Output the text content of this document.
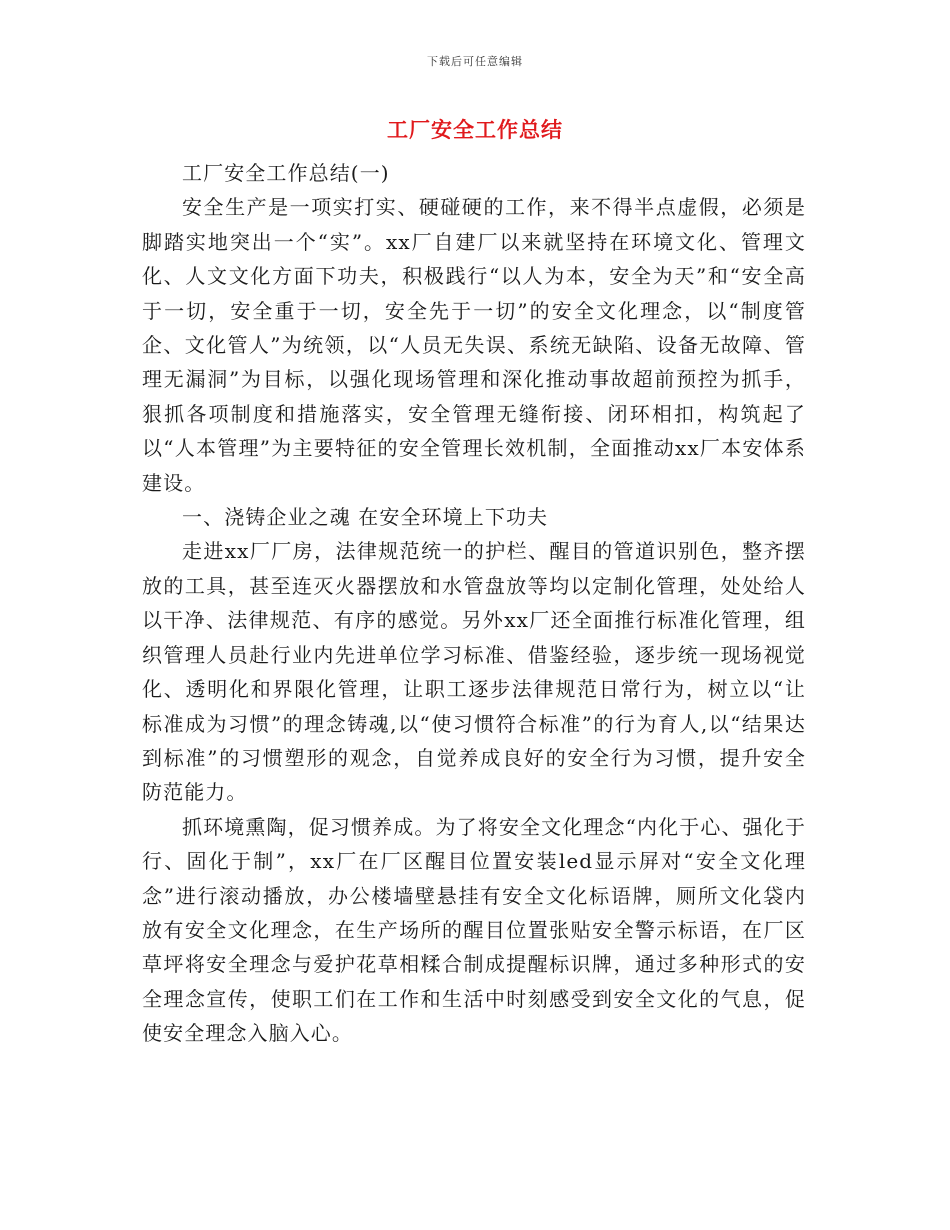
下载后可任意编辑
工厂安全工作总结

工厂安全工作总结(一)

安全生产是一项实打实、硬碰硬的工作，来不得半点虚假，必须是脚踏实地突出一个“实”。xx厂自建厂以来就坚持在环境文化、管理文化、人文文化方面下功夫，积极践行“以人为本，安全为天”和“安全高于一切，安全重于一切，安全先于一切”的安全文化理念，以“制度管企、文化管人”为统领，以“人员无失误、系统无缺陷、设备无故障、管理无漏洞”为目标，以强化现场管理和深化推动事故超前预控为抓手，狠抓各项制度和措施落实，安全管理无缝衔接、闭环相扣，构筑起了以“人本管理”为主要特征的安全管理长效机制，全面推动xx厂本安体系建设。

一、浇铸企业之魂 在安全环境上下功夫

走进xx厂厂房，法律规范统一的护栏、醒目的管道识别色，整齐摆放的工具，甚至连灭火器摆放和水管盘放等均以定制化管理，处处给人以干净、法律规范、有序的感觉。另外xx厂还全面推行标准化管理，组织管理人员赴行业内先进单位学习标准、借鉴经验，逐步统一现场视觉化、透明化和界限化管理，让职工逐步法律规范日常行为，树立以“让标准成为习惯”的理念铸魂,以“使习惯符合标准”的行为育人,以“结果达到标准”的习惯塑形的观念，自觉养成良好的安全行为习惯，提升安全防范能力。

抓环境熏陶，促习惯养成。为了将安全文化理念“内化于心、强化于行、固化于制”，xx厂在厂区醒目位置安装led显示屏对“安全文化理念”进行滚动播放，办公楼墙壁悬挂有安全文化标语牌，厕所文化袋内放有安全文化理念，在生产场所的醒目位置张贴安全警示标语，在厂区草坪将安全理念与爱护花草相糅合制成提醒标识牌，通过多种形式的安全理念宣传，使职工们在工作和生活中时刻感受到安全文化的气息，促使安全理念入脑入心。
